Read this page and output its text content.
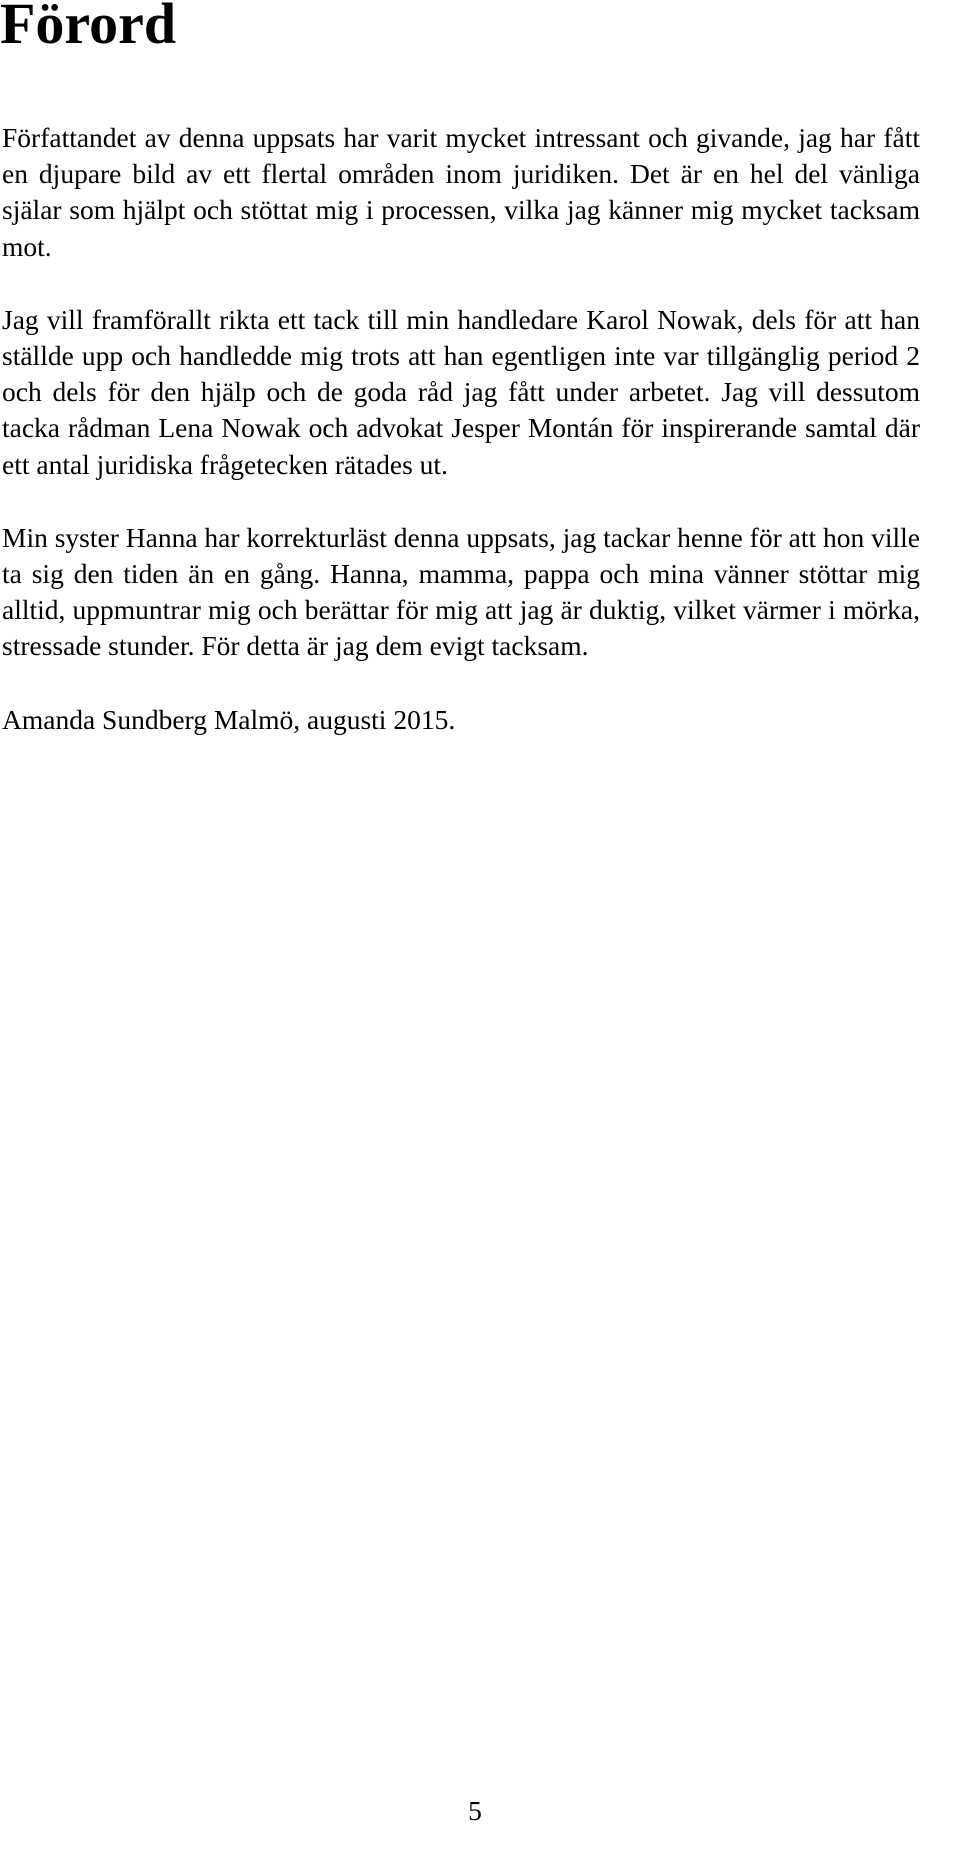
Förord

Författandet av denna uppsats har varit mycket intressant och givande, jag har fått en djupare bild av ett flertal områden inom juridiken. Det är en hel del vänliga själar som hjälpt och stöttat mig i processen, vilka jag känner mig mycket tacksam mot.

Jag vill framförallt rikta ett tack till min handledare Karol Nowak, dels för att han ställde upp och handledde mig trots att han egentligen inte var tillgänglig period 2 och dels för den hjälp och de goda råd jag fått under arbetet. Jag vill dessutom tacka rådman Lena Nowak och advokat Jesper Montán för inspirerande samtal där ett antal juridiska frågetecken rätades ut.

Min syster Hanna har korrekturläst denna uppsats, jag tackar henne för att hon ville ta sig den tiden än en gång. Hanna, mamma, pappa och mina vänner stöttar mig alltid, uppmuntrar mig och berättar för mig att jag är duktig, vilket värmer i mörka, stressade stunder. För detta är jag dem evigt tacksam.

Amanda Sundberg Malmö, augusti 2015.

5
